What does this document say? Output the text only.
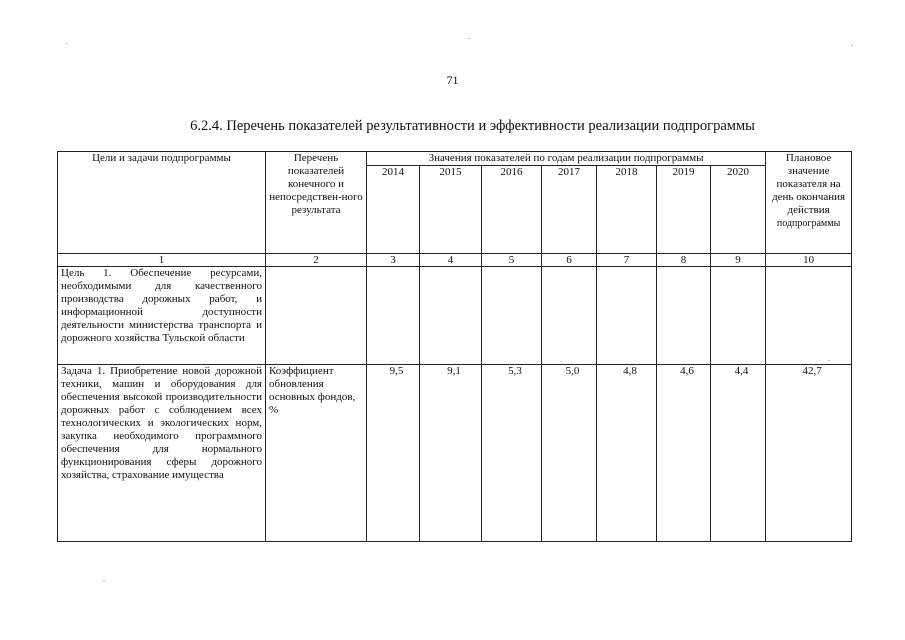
71
6.2.4. Перечень показателей результативности и эффективности реализации подпрограммы
Цели и задачи подпрограммы	Перечень показателей конечного и непосредствен-ного результата	Значения показателей по годам реализации подпрограммы							Плановое значение показателя на день окончания действия
подпрограммы
		2014	2015	2016	2017	2018	2019	2020	
1	2	3	4	5	6	7	8	9	10
Цель 1. Обеспечение ресурсами, необходимыми для качественного производства дорожных работ, и информационной доступности деятельности министерства транспорта и дорожного хозяйства Тульской области									
Задача 1. Приобретение новой дорожной техники, машин и оборудования для обеспечения высокой производительности дорожных работ с соблюдением всех технологических и экологических норм, закупка необходимого программного обеспечения для нормального функционирования сферы дорожного хозяйства, страхование имущества	Коэффициент обновления основных фондов, %	9,5	9,1	5,3	5,0	4,8	4,6	4,4	42,7
